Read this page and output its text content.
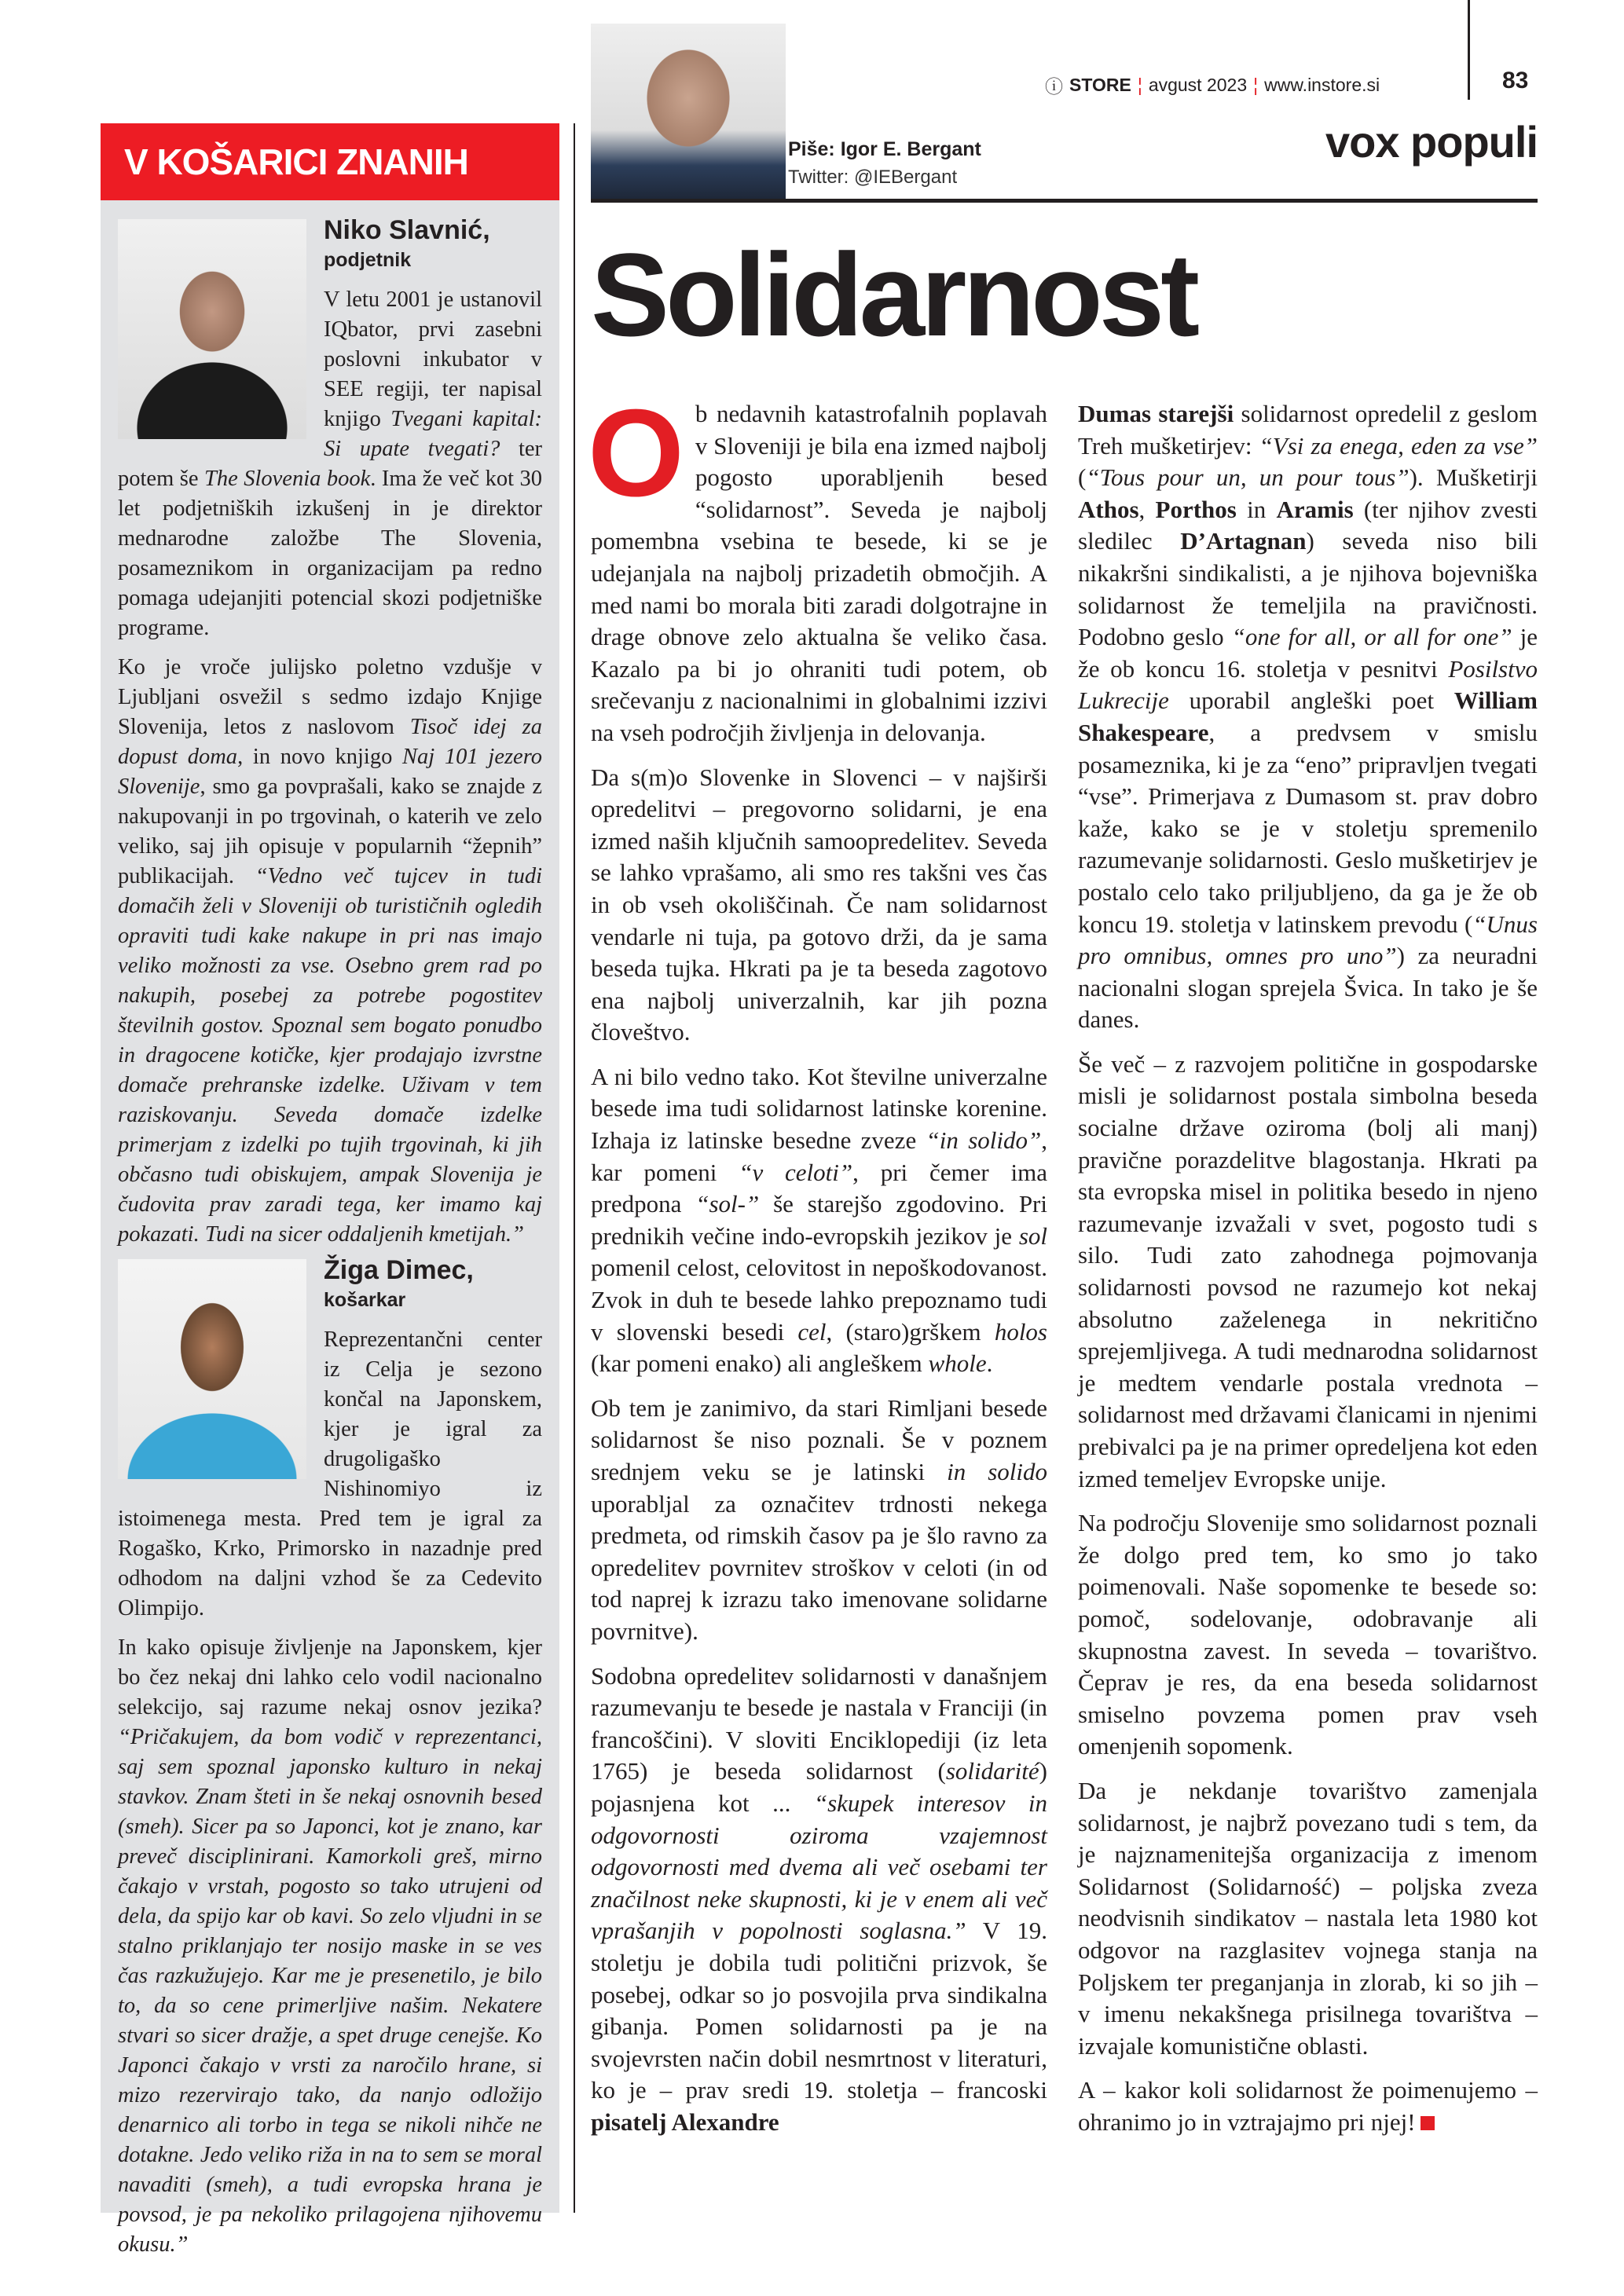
ⓘ STORE ¦ avgust 2023 ¦ www.instore.si	83
Piše: Igor E. Bergant
Twitter: @IEBergant
vox populi
Solidarnost

Ob nedavnih katastrofalnih poplavah v Sloveniji je bila ena izmed najbolj pogosto uporabljenih besed “solidarnost”. Seveda je najbolj pomembna vsebina te besede, ki se je udejanjala na najbolj prizadetih območjih. A med nami bo morala biti zaradi dolgotrajne in drage obnove zelo aktualna še veliko časa. Kazalo pa bi jo ohraniti tudi potem, ob srečevanju z nacionalnimi in globalnimi izzivi na vseh področjih življenja in delovanja.

Da s(m)o Slovenke in Slovenci – v najširši opredelitvi – pregovorno solidarni, je ena izmed naših ključnih samoopredelitev. Seveda se lahko vprašamo, ali smo res takšni ves čas in ob vseh okoliščinah. Če nam solidarnost vendarle ni tuja, pa gotovo drži, da je sama beseda tujka. Hkrati pa je ta beseda zagotovo ena najbolj univerzalnih, kar jih pozna človeštvo.

A ni bilo vedno tako. Kot številne univerzalne besede ima tudi solidarnost latinske korenine. Izhaja iz latinske besedne zveze “in solido”, kar pomeni “v celoti”, pri čemer ima predpona “sol-” še starejšo zgodovino. Pri prednikih večine indo-evropskih jezikov je sol pomenil celost, celovitost in nepoškodovanost. Zvok in duh te besede lahko prepoznamo tudi v slovenski besedi cel, (staro)grškem holos (kar pomeni enako) ali angleškem whole.

Ob tem je zanimivo, da stari Rimljani besede solidarnost še niso poznali. Še v poznem srednjem veku se je latinski in solido uporabljal za označitev trdnosti nekega predmeta, od rimskih časov pa je šlo ravno za opredelitev povrnitev stroškov v celoti (in od tod naprej k izrazu tako imenovane solidarne povrnitve).

Sodobna opredelitev solidarnosti v današnjem razumevanju te besede je nastala v Franciji (in francoščini). V sloviti Enciklopediji (iz leta 1765) je beseda solidarnost (solidarité) pojasnjena kot ... “skupek interesov in odgovornosti oziroma vzajemnost odgovornosti med dvema ali več osebami ter značilnost neke skupnosti, ki je v enem ali več vprašanjih v popolnosti soglasna.” V 19. stoletju je dobila tudi politični prizvok, še posebej, odkar so jo posvojila prva sindikalna gibanja. Pomen solidarnosti pa je na svojevrsten način dobil nesmrtnost v literaturi, ko je – prav sredi 19. stoletja – francoski pisatelj Alexandre

Dumas starejši solidarnost opredelil z geslom Treh mušketirjev: “Vsi za enega, eden za vse” (“Tous pour un, un pour tous”). Mušketirji Athos, Porthos in Aramis (ter njihov zvesti sledilec D’Artagnan) seveda niso bili nikakršni sindikalisti, a je njihova bojevniška solidarnost že temeljila na pravičnosti. Podobno geslo “one for all, or all for one” je že ob koncu 16. stoletja v pesnitvi Posilstvo Lukrecije uporabil angleški poet William Shakespeare, a predvsem v smislu posameznika, ki je za “eno” pripravljen tvegati “vse”. Primerjava z Dumasom st. prav dobro kaže, kako se je v stoletju spremenilo razumevanje solidarnosti. Geslo mušketirjev je postalo celo tako priljubljeno, da ga je že ob koncu 19. stoletja v latinskem prevodu (“Unus pro omnibus, omnes pro uno”) za neuradni nacionalni slogan sprejela Švica. In tako je še danes.

Še več – z razvojem politične in gospodarske misli je solidarnost postala simbolna beseda socialne države oziroma (bolj ali manj) pravične porazdelitve blagostanja. Hkrati pa sta evropska misel in politika besedo in njeno razumevanje izvažali v svet, pogosto tudi s silo. Tudi zato zahodnega pojmovanja solidarnosti povsod ne razumejo kot nekaj absolutno zaželenega in nekritično sprejemljivega. A tudi mednarodna solidarnost je medtem vendarle postala vrednota – solidarnost med državami članicami in njenimi prebivalci pa je na primer opredeljena kot eden izmed temeljev Evropske unije.

Na področju Slovenije smo solidarnost poznali že dolgo pred tem, ko smo jo tako poimenovali. Naše sopomenke te besede so: pomoč, sodelovanje, odobravanje ali skupnostna zavest. In seveda – tovarištvo. Čeprav je res, da ena beseda solidarnost smiselno povzema pomen prav vseh omenjenih sopomenk.

Da je nekdanje tovarištvo zamenjala solidarnost, je najbrž povezano tudi s tem, da je najznamenitejša organizacija z imenom Solidarnost (Solidarność) – poljska zveza neodvisnih sindikatov – nastala leta 1980 kot odgovor na razglasitev vojnega stanja na Poljskem ter preganjanja in zlorab, ki so jih – v imenu nekakšnega prisilnega tovarištva – izvajale komunistične oblasti.

A – kakor koli solidarnost že poimenujemo – ohranimo jo in vztrajajmo pri njej!

V KOŠARICI ZNANIH
Niko Slavnić,
podjetnik

V letu 2001 je ustanovil IQbator, prvi zasebni poslovni inkubator v SEE regiji, ter napisal knjigo Tvegani kapital: Si upate tvegati? ter potem še The Slovenia book. Ima že več kot 30 let podjetniških izkušenj in je direktor mednarodne založbe The Slovenia, posameznikom in organizacijam pa redno pomaga udejanjiti potencial skozi podjetniške programe.

Ko je vroče julijsko poletno vzdušje v Ljubljani osvežil s sedmo izdajo Knjige Slovenija, letos z naslovom Tisoč idej za dopust doma, in novo knjigo Naj 101 jezero Slovenije, smo ga povprašali, kako se znajde z nakupovanji in po trgovinah, o katerih ve zelo veliko, saj jih opisuje v popularnih “žepnih” publikacijah. “Vedno več tujcev in tudi domačih želi v Sloveniji ob turističnih ogledih opraviti tudi kake nakupe in pri nas imajo veliko možnosti za vse. Osebno grem rad po nakupih, posebej za potrebe pogostitev številnih gostov. Spoznal sem bogato ponudbo in dragocene kotičke, kjer prodajajo izvrstne domače prehranske izdelke. Uživam v tem raziskovanju. Seveda domače izdelke primerjam z izdelki po tujih trgovinah, ki jih občasno tudi obiskujem, ampak Slovenija je čudovita prav zaradi tega, ker imamo kaj pokazati. Tudi na sicer oddaljenih kmetijah.”

Žiga Dimec,
košarkar

Reprezentančni center iz Celja je sezono končal na Japonskem, kjer je igral za drugoligaško Nishinomiyo iz istoimenega mesta. Pred tem je igral za Rogaško, Krko, Primorsko in nazadnje pred odhodom na daljni vzhod še za Cedevito Olimpijo.

In kako opisuje življenje na Japonskem, kjer bo čez nekaj dni lahko celo vodil nacionalno selekcijo, saj razume nekaj osnov jezika? “Pričakujem, da bom vodič v reprezentanci, saj sem spoznal japonsko kulturo in nekaj stavkov. Znam šteti in še nekaj osnovnih besed (smeh). Sicer pa so Japonci, kot je znano, kar preveč disciplinirani. Kamorkoli greš, mirno čakajo v vrstah, pogosto so tako utrujeni od dela, da spijo kar ob kavi. So zelo vljudni in se stalno priklanjajo ter nosijo maske in se ves čas razkužujejo. Kar me je presenetilo, je bilo to, da so cene primerljive našim. Nekatere stvari so sicer dražje, a spet druge cenejše. Ko Japonci čakajo v vrsti za naročilo hrane, si mizo rezervirajo tako, da nanjo odložijo denarnico ali torbo in tega se nikoli nihče ne dotakne. Jedo veliko riža in na to sem se moral navaditi (smeh), a tudi evropska hrana je povsod, je pa nekoliko prilagojena njihovemu okusu.”
